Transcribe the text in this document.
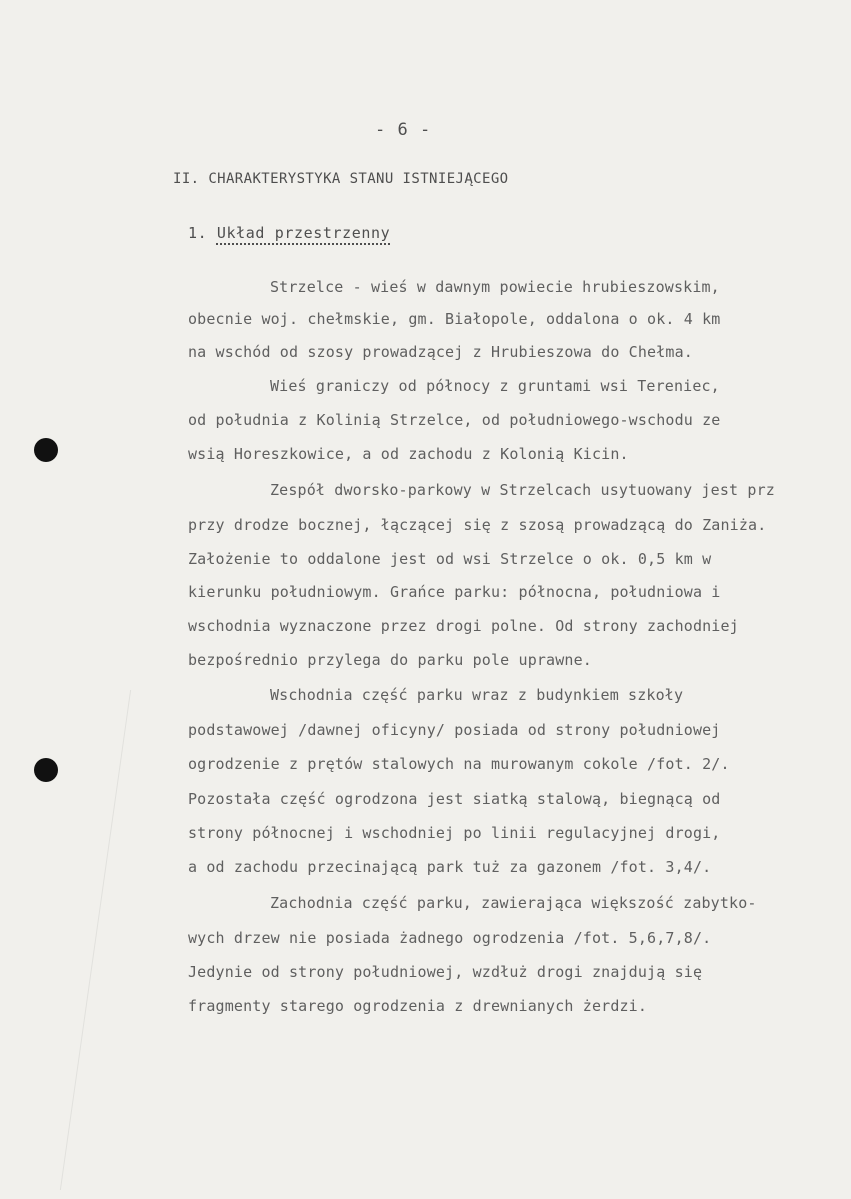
- 6 -
II. CHARAKTERYSTYKA STANU ISTNIEJĄCEGO
1. Układ przestrzenny
Strzelce - wieś w dawnym powiecie hrubieszowskim,
obecnie woj. chełmskie, gm. Białopole, oddalona o ok. 4 km
na wschód od szosy prowadzącej z Hrubieszowa do Chełma.
Wieś graniczy od północy z gruntami wsi Tereniec,
od południa z Kolinią Strzelce, od południowego-wschodu ze
wsią Horeszkowice, a od zachodu z Kolonią Kicin.
Zespół dworsko-parkowy w Strzelcach usytuowany jest prz
przy drodze bocznej, łączącej się z szosą prowadzącą do Zaniża.
Założenie to oddalone jest od wsi Strzelce o ok. 0,5 km w
kierunku południowym. Grańce parku: północna, południowa i
wschodnia wyznaczone przez drogi polne. Od strony zachodniej
bezpośrednio przylega do parku pole uprawne.
Wschodnia część parku wraz z budynkiem szkoły
podstawowej /dawnej oficyny/ posiada od strony południowej
ogrodzenie z prętów stalowych na murowanym cokole /fot. 2/.
Pozostała część ogrodzona jest siatką stalową, biegnącą od
strony północnej i wschodniej po linii regulacyjnej drogi,
a od zachodu przecinającą park tuż za gazonem /fot. 3,4/.
Zachodnia część parku, zawierająca większość zabytko-
wych drzew nie posiada żadnego ogrodzenia /fot. 5,6,7,8/.
Jedynie od strony południowej, wzdłuż drogi znajdują się
fragmenty starego ogrodzenia z drewnianych żerdzi.
